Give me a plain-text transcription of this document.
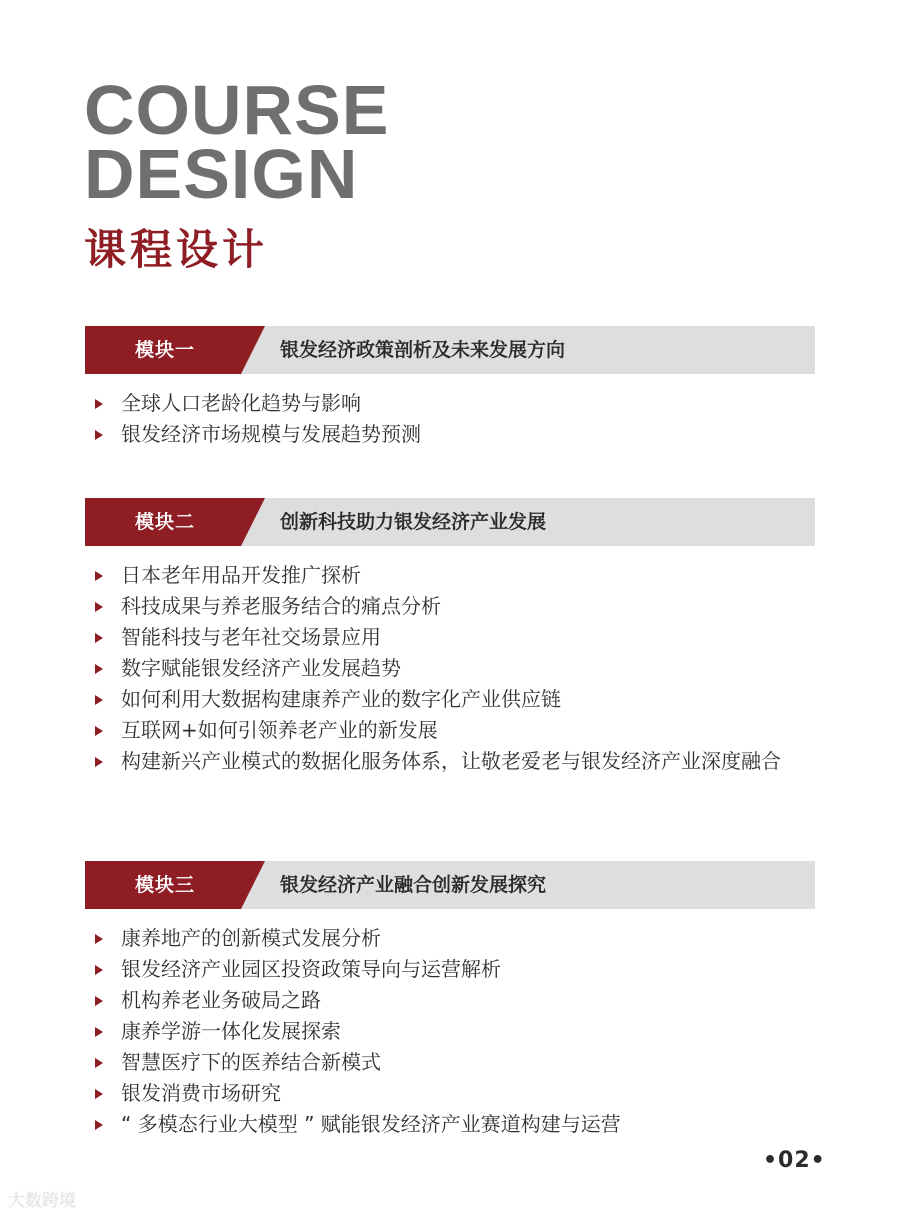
COURSE
DESIGN
课程设计
模块一	银发经济政策剖析及未来发展方向
全球人口老龄化趋势与影响
银发经济市场规模与发展趋势预测
模块二	创新科技助力银发经济产业发展
日本老年用品开发推广探析
科技成果与养老服务结合的痛点分析
智能科技与老年社交场景应用
数字赋能银发经济产业发展趋势
如何利用大数据构建康养产业的数字化产业供应链
互联网+如何引领养老产业的新发展
构建新兴产业模式的数据化服务体系，让敬老爱老与银发经济产业深度融合
模块三	银发经济产业融合创新发展探究
康养地产的创新模式发展分析
银发经济产业园区投资政策导向与运营解析
机构养老业务破局之路
康养学游一体化发展探索
智慧医疗下的医养结合新模式
银发消费市场研究
“ 多模态行业大模型 ” 赋能银发经济产业赛道构建与运营
•02•
大数跨境
